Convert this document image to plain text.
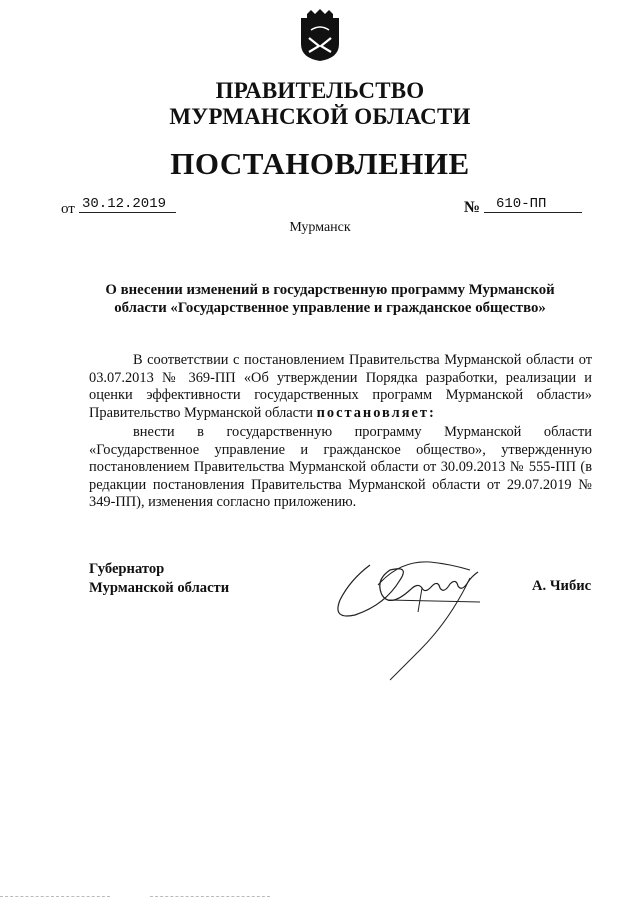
ПРАВИТЕЛЬСТВО
МУРМАНСКОЙ ОБЛАСТИ
ПОСТАНОВЛЕНИЕ
от 30.12.2019	№	610-ПП
Мурманск
О внесении изменений в государственную программу Мурманской области «Государственное управление и гражданское общество»
В соответствии с постановлением Правительства Мурманской области от 03.07.2013 № 369-ПП «Об утверждении Порядка разработки, реализации и оценки эффективности государственных программ Мурманской области» Правительство Мурманской области постановляет:
внести в государственную программу Мурманской области «Государственное управление и гражданское общество», утвержденную постановлением Правительства Мурманской области от 30.09.2013 № 555-ПП (в редакции постановления Правительства Мурманской области от 29.07.2019 № 349-ПП), изменения согласно приложению.
Губернатор
Мурманской области	А. Чибис
